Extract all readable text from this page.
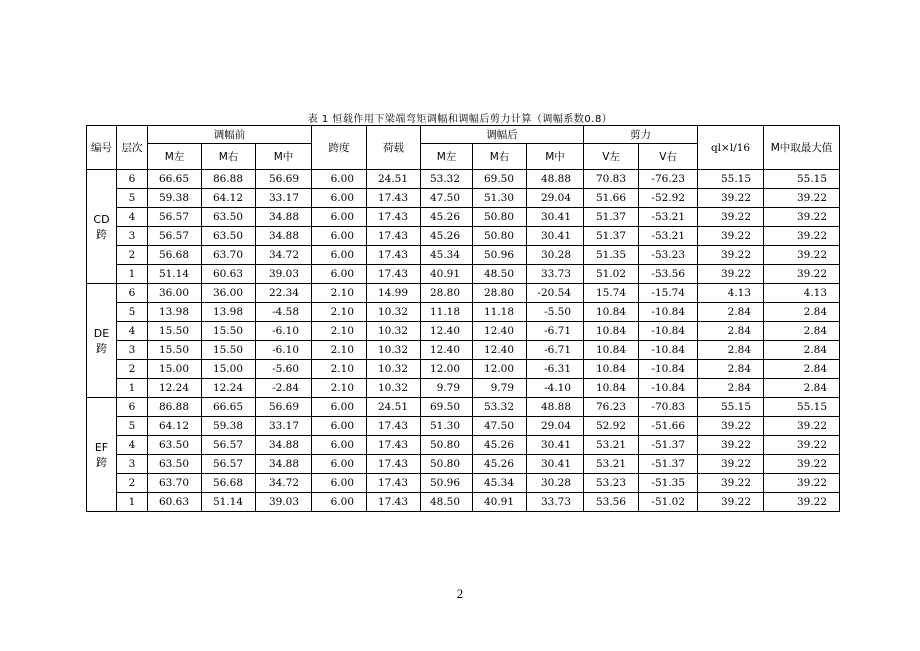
表 1 恒载作用下梁端弯矩调幅和调幅后剪力计算（调幅系数0.8）
编号	层次	调幅前			跨度	荷载	调幅后			剪力		ql×l/16	M中取最大值
		M左	M右	M中			M左	M右	M中	V左	V右		
CD跨	6	66.65	86.88	56.69	6.00	24.51	53.32	69.50	48.88	70.83	-76.23	55.15	55.15
	5	59.38	64.12	33.17	6.00	17.43	47.50	51.30	29.04	51.66	-52.92	39.22	39.22
	4	56.57	63.50	34.88	6.00	17.43	45.26	50.80	30.41	51.37	-53.21	39.22	39.22
	3	56.57	63.50	34.88	6.00	17.43	45.26	50.80	30.41	51.37	-53.21	39.22	39.22
	2	56.68	63.70	34.72	6.00	17.43	45.34	50.96	30.28	51.35	-53.23	39.22	39.22
	1	51.14	60.63	39.03	6.00	17.43	40.91	48.50	33.73	51.02	-53.56	39.22	39.22
DE跨	6	36.00	36.00	22.34	2.10	14.99	28.80	28.80	-20.54	15.74	-15.74	4.13	4.13
	5	13.98	13.98	-4.58	2.10	10.32	11.18	11.18	-5.50	10.84	-10.84	2.84	2.84
	4	15.50	15.50	-6.10	2.10	10.32	12.40	12.40	-6.71	10.84	-10.84	2.84	2.84
	3	15.50	15.50	-6.10	2.10	10.32	12.40	12.40	-6.71	10.84	-10.84	2.84	2.84
	2	15.00	15.00	-5.60	2.10	10.32	12.00	12.00	-6.31	10.84	-10.84	2.84	2.84
	1	12.24	12.24	-2.84	2.10	10.32	9.79	9.79	-4.10	10.84	-10.84	2.84	2.84
EF跨	6	86.88	66.65	56.69	6.00	24.51	69.50	53.32	48.88	76.23	-70.83	55.15	55.15
	5	64.12	59.38	33.17	6.00	17.43	51.30	47.50	29.04	52.92	-51.66	39.22	39.22
	4	63.50	56.57	34.88	6.00	17.43	50.80	45.26	30.41	53.21	-51.37	39.22	39.22
	3	63.50	56.57	34.88	6.00	17.43	50.80	45.26	30.41	53.21	-51.37	39.22	39.22
	2	63.70	56.68	34.72	6.00	17.43	50.96	45.34	30.28	53.23	-51.35	39.22	39.22
	1	60.63	51.14	39.03	6.00	17.43	48.50	40.91	33.73	53.56	-51.02	39.22	39.22
2
